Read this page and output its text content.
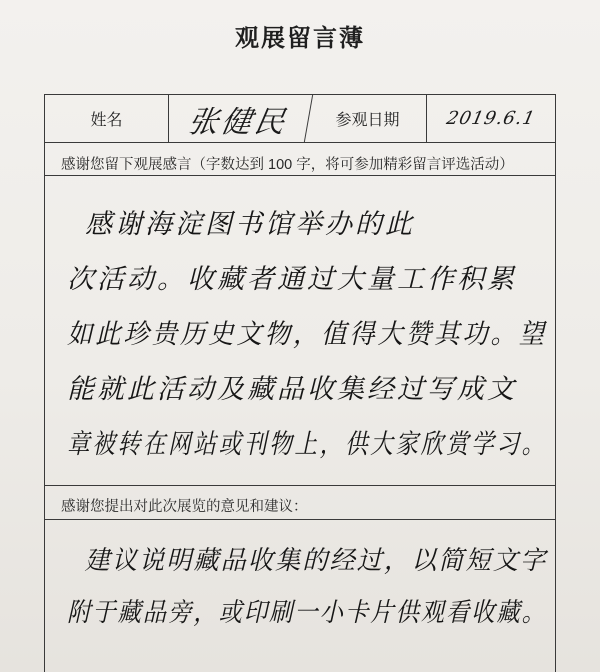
观展留言薄
姓名	张健民	参观日期	2019.6.1
感谢您留下观展感言（字数达到 100 字，将可参加精彩留言评选活动）
感谢海淀图书馆举办的此
次活动。收藏者通过大量工作积累
如此珍贵历史文物，值得大赞其功。望
能就此活动及藏品收集经过写成文
章被转在网站或刊物上，供大家欣赏学习。
感谢您提出对此次展览的意见和建议：
建议说明藏品收集的经过，以简短文字
附于藏品旁，或印刷一小卡片供观看收藏。
